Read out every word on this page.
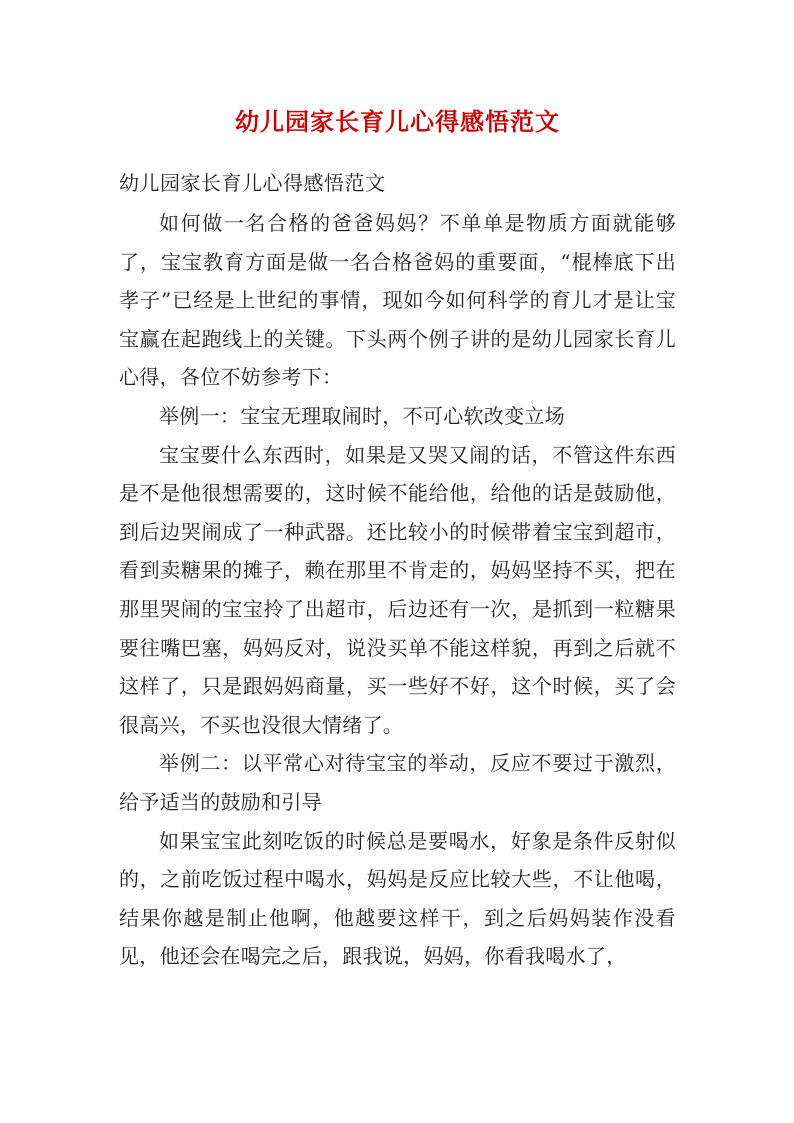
幼儿园家长育儿心得感悟范文

幼儿园家长育儿心得感悟范文

如何做一名合格的爸爸妈妈？不单单是物质方面就能够了，宝宝教育方面是做一名合格爸妈的重要面，“棍棒底下出孝子”已经是上世纪的事情，现如今如何科学的育儿才是让宝宝赢在起跑线上的关键。下头两个例子讲的是幼儿园家长育儿心得，各位不妨参考下：

举例一：宝宝无理取闹时，不可心软改变立场

宝宝要什么东西时，如果是又哭又闹的话，不管这件东西是不是他很想需要的，这时候不能给他，给他的话是鼓励他，到后边哭闹成了一种武器。还比较小的时候带着宝宝到超市，看到卖糖果的摊子，赖在那里不肯走的，妈妈坚持不买，把在那里哭闹的宝宝拎了出超市，后边还有一次，是抓到一粒糖果要往嘴巴塞，妈妈反对，说没买单不能这样貌，再到之后就不这样了，只是跟妈妈商量，买一些好不好，这个时候，买了会很高兴，不买也没很大情绪了。

举例二：以平常心对待宝宝的举动，反应不要过于激烈，给予适当的鼓励和引导

如果宝宝此刻吃饭的时候总是要喝水，好象是条件反射似的，之前吃饭过程中喝水，妈妈是反应比较大些，不让他喝，结果你越是制止他啊，他越要这样干，到之后妈妈装作没看见，他还会在喝完之后，跟我说，妈妈，你看我喝水了，
